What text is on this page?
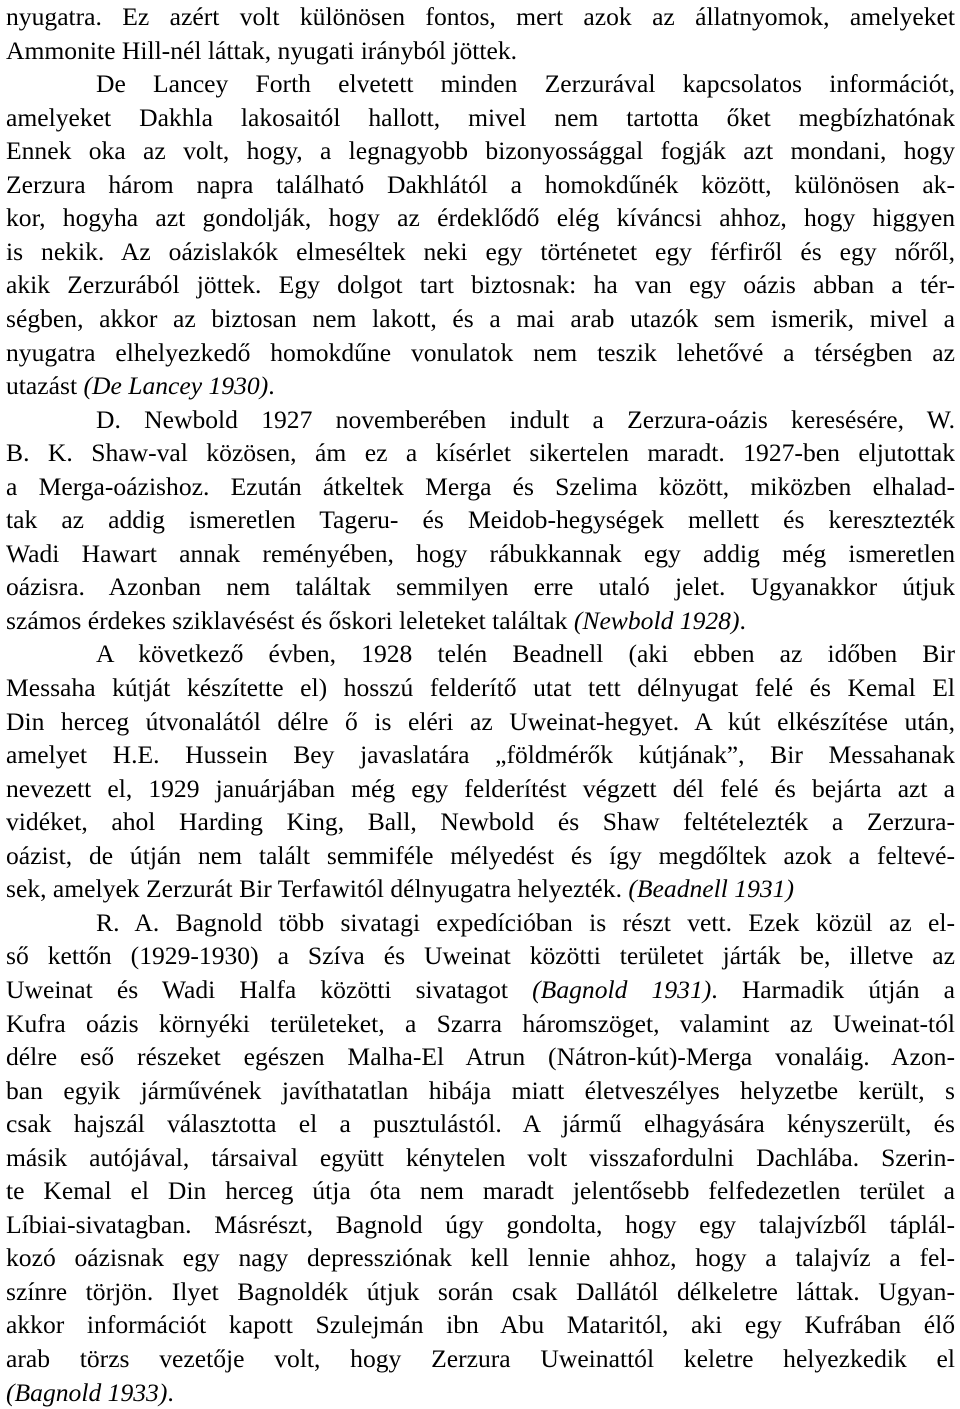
nyugatra. Ez azért volt különösen fontos, mert azok az állatnyomok, amelyeket
Ammonite Hill-nél láttak, nyugati irányból jöttek.
De Lancey Forth elvetett minden Zerzurával kapcsolatos információt,
amelyeket Dakhla lakosaitól hallott, mivel nem tartotta őket megbízhatónak
Ennek oka az volt, hogy, a legnagyobb bizonyossággal fogják azt mondani, hogy
Zerzura három napra található Dakhlától a homokdűnék között, különösen ak-
kor, hogyha azt gondolják, hogy az érdeklődő elég kíváncsi ahhoz, hogy higgyen
is nekik. Az oázislakók elmeséltek neki egy történetet egy férfiről és egy nőről,
akik Zerzurából jöttek. Egy dolgot tart biztosnak: ha van egy oázis abban a tér-
ségben, akkor az biztosan nem lakott, és a mai arab utazók sem ismerik, mivel a
nyugatra elhelyezkedő homokdűne vonulatok nem teszik lehetővé a térségben az
utazást (De Lancey 1930).
D. Newbold 1927 novemberében indult a Zerzura-oázis keresésére, W.
B. K. Shaw-val közösen, ám ez a kísérlet sikertelen maradt. 1927-ben eljutottak
a Merga-oázishoz. Ezután átkeltek Merga és Szelima között, miközben elhalad-
tak az addig ismeretlen Tageru- és Meidob-hegységek mellett és keresztezték
Wadi Hawart annak reményében, hogy rábukkannak egy addig még ismeretlen
oázisra. Azonban nem találtak semmilyen erre utaló jelet. Ugyanakkor útjuk
számos érdekes sziklavésést és őskori leleteket találtak (Newbold 1928).
A következő évben, 1928 telén Beadnell (aki ebben az időben Bir
Messaha kútját készítette el) hosszú felderítő utat tett délnyugat felé és Kemal El
Din herceg útvonalától délre ő is eléri az Uweinat-hegyet. A kút elkészítése után,
amelyet H.E. Hussein Bey javaslatára „földmérők kútjának”, Bir Messahanak
nevezett el, 1929 januárjában még egy felderítést végzett dél felé és bejárta azt a
vidéket, ahol Harding King, Ball, Newbold és Shaw feltételezték a Zerzura-
oázist, de útján nem talált semmiféle mélyedést és így megdőltek azok a feltevé-
sek, amelyek Zerzurát Bir Terfawitól délnyugatra helyezték. (Beadnell 1931)
R. A. Bagnold több sivatagi expedícióban is részt vett. Ezek közül az el-
ső kettőn (1929-1930) a Szíva és Uweinat közötti területet járták be, illetve az
Uweinat és Wadi Halfa közötti sivatagot (Bagnold 1931). Harmadik útján a
Kufra oázis környéki területeket, a Szarra háromszöget, valamint az Uweinat-tól
délre eső részeket egészen Malha-El Atrun (Nátron-kút)-Merga vonaláig. Azon-
ban egyik járművének javíthatatlan hibája miatt életveszélyes helyzetbe került, s
csak hajszál választotta el a pusztulástól. A jármű elhagyására kényszerült, és
másik autójával, társaival együtt kénytelen volt visszafordulni Dachlába. Szerin-
te Kemal el Din herceg útja óta nem maradt jelentősebb felfedezetlen terület a
Líbiai-sivatagban. Másrészt, Bagnold úgy gondolta, hogy egy talajvízből táplál-
kozó oázisnak egy nagy depressziónak kell lennie ahhoz, hogy a talajvíz a fel-
színre törjön. Ilyet Bagnoldék útjuk során csak Dallától délkeletre láttak. Ugyan-
akkor információt kapott Szulejmán ibn Abu Mataritól, aki egy Kufrában élő
arab törzs vezetője volt, hogy Zerzura Uweinattól keletre helyezkedik el
(Bagnold 1933).
